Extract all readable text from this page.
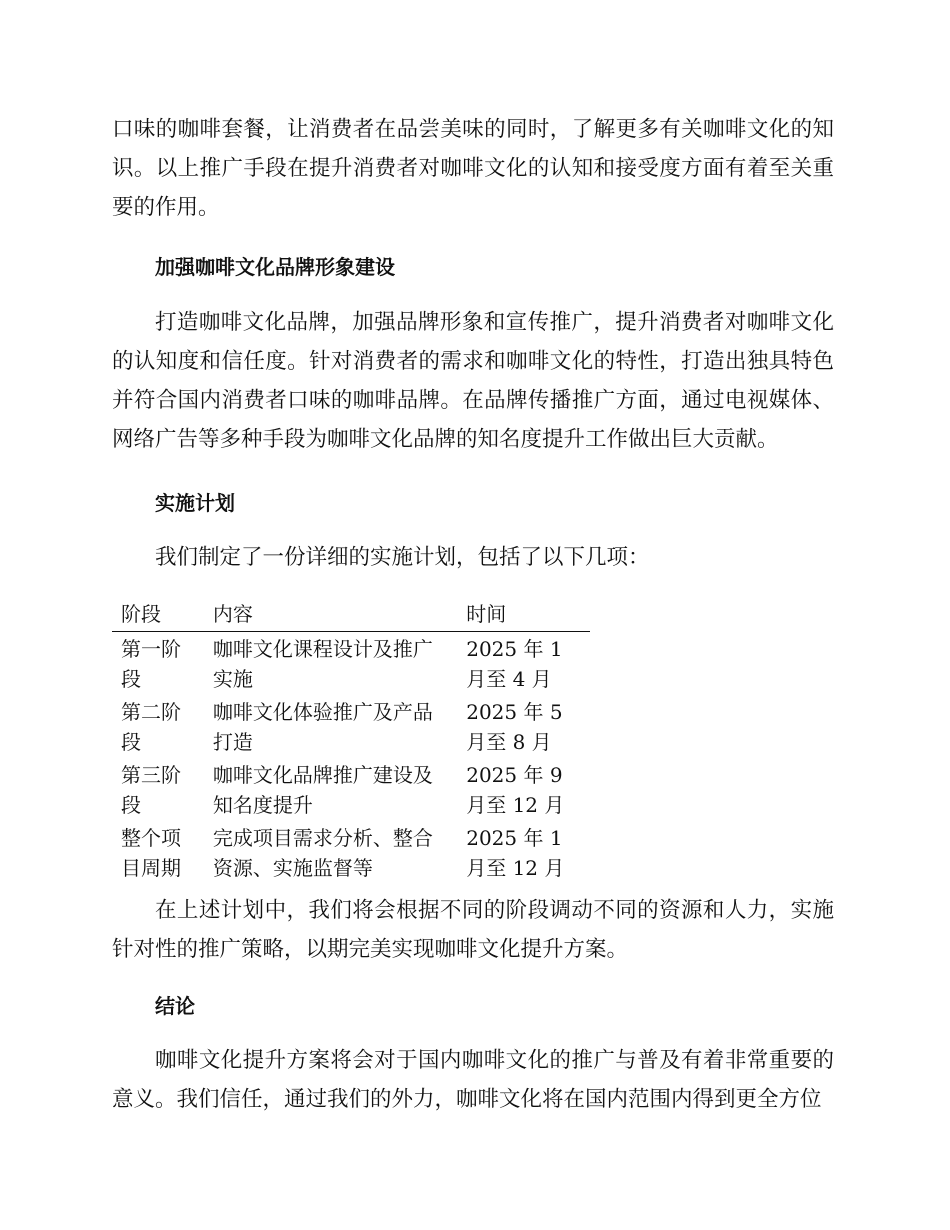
口味的咖啡套餐，让消费者在品尝美味的同时，了解更多有关咖啡文化的知识。以上推广手段在提升消费者对咖啡文化的认知和接受度方面有着至关重要的作用。

加强咖啡文化品牌形象建设

打造咖啡文化品牌，加强品牌形象和宣传推广，提升消费者对咖啡文化的认知度和信任度。针对消费者的需求和咖啡文化的特性，打造出独具特色并符合国内消费者口味的咖啡品牌。在品牌传播推广方面，通过电视媒体、网络广告等多种手段为咖啡文化品牌的知名度提升工作做出巨大贡献。

实施计划

我们制定了一份详细的实施计划，包括了以下几项：

阶段	内容	时间
第一阶段	咖啡文化课程设计及推广实施	2025 年 1 月至 4 月
第二阶段	咖啡文化体验推广及产品打造	2025 年 5 月至 8 月
第三阶段	咖啡文化品牌推广建设及知名度提升	2025 年 9 月至 12 月
整个项目周期	完成项目需求分析、整合资源、实施监督等	2025 年 1 月至 12 月

在上述计划中，我们将会根据不同的阶段调动不同的资源和人力，实施针对性的推广策略，以期完美实现咖啡文化提升方案。

结论

咖啡文化提升方案将会对于国内咖啡文化的推广与普及有着非常重要的意义。我们信任，通过我们的外力，咖啡文化将在国内范围内得到更全方位
